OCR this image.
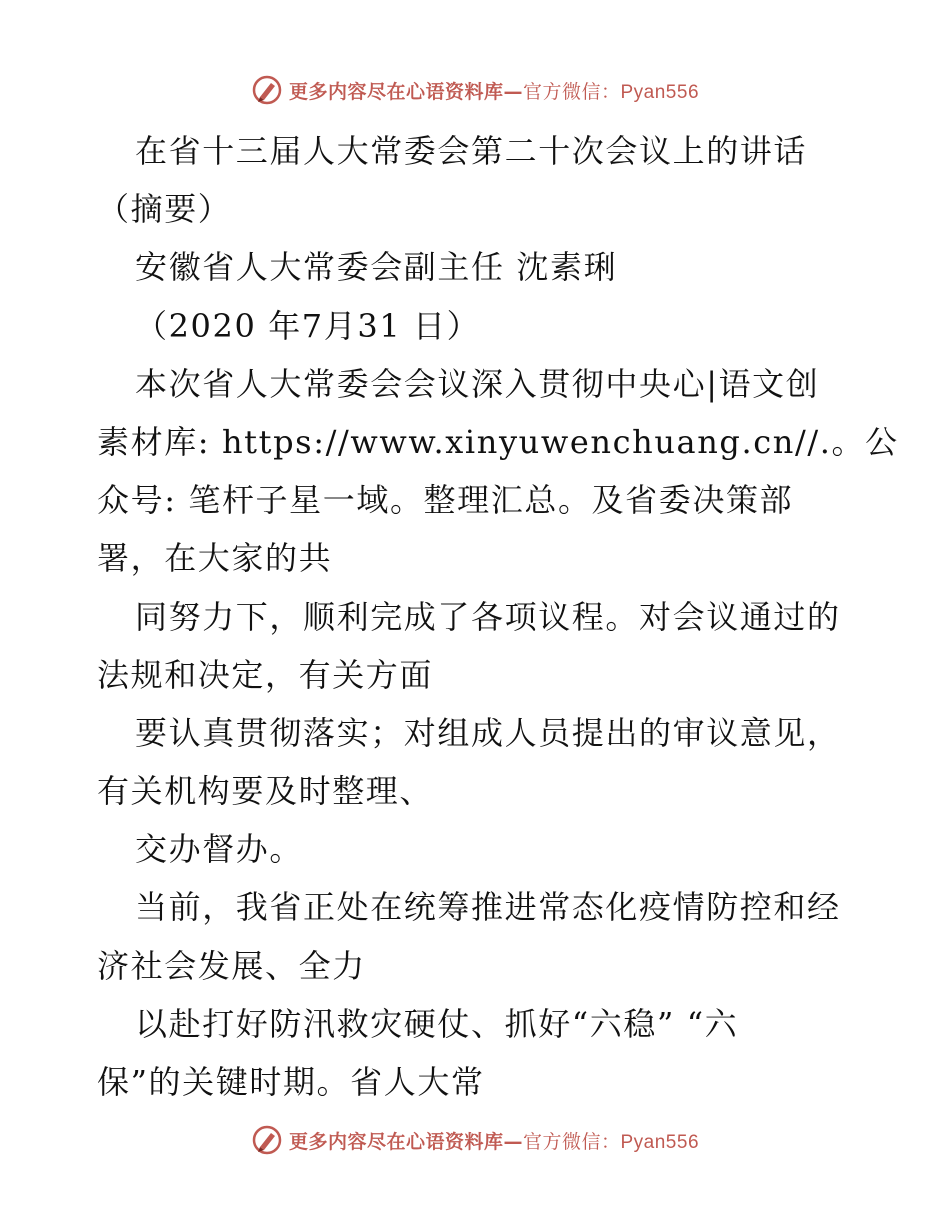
更多内容尽在心语资料库—官方微信：Pyan556
在省十三届人大常委会第二十次会议上的讲话
（摘要）
安徽省人大常委会副主任 沈素琍
（2020 年7月31 日）
本次省人大常委会会议深入贯彻中央心|语文创
素材库: https://www.xinyuwenchuang.cn//.。公
众号: 笔杆子星一域。整理汇总。及省委决策部
署，在大家的共
同努力下，顺利完成了各项议程。对会议通过的
法规和决定，有关方面
要认真贯彻落实；对组成人员提出的审议意见，
有关机构要及时整理、
交办督办。
当前，我省正处在统筹推进常态化疫情防控和经
济社会发展、全力
以赴打好防汛救灾硬仗、抓好“六稳” “六
保”的关键时期。省人大常
更多内容尽在心语资料库—官方微信：Pyan556
